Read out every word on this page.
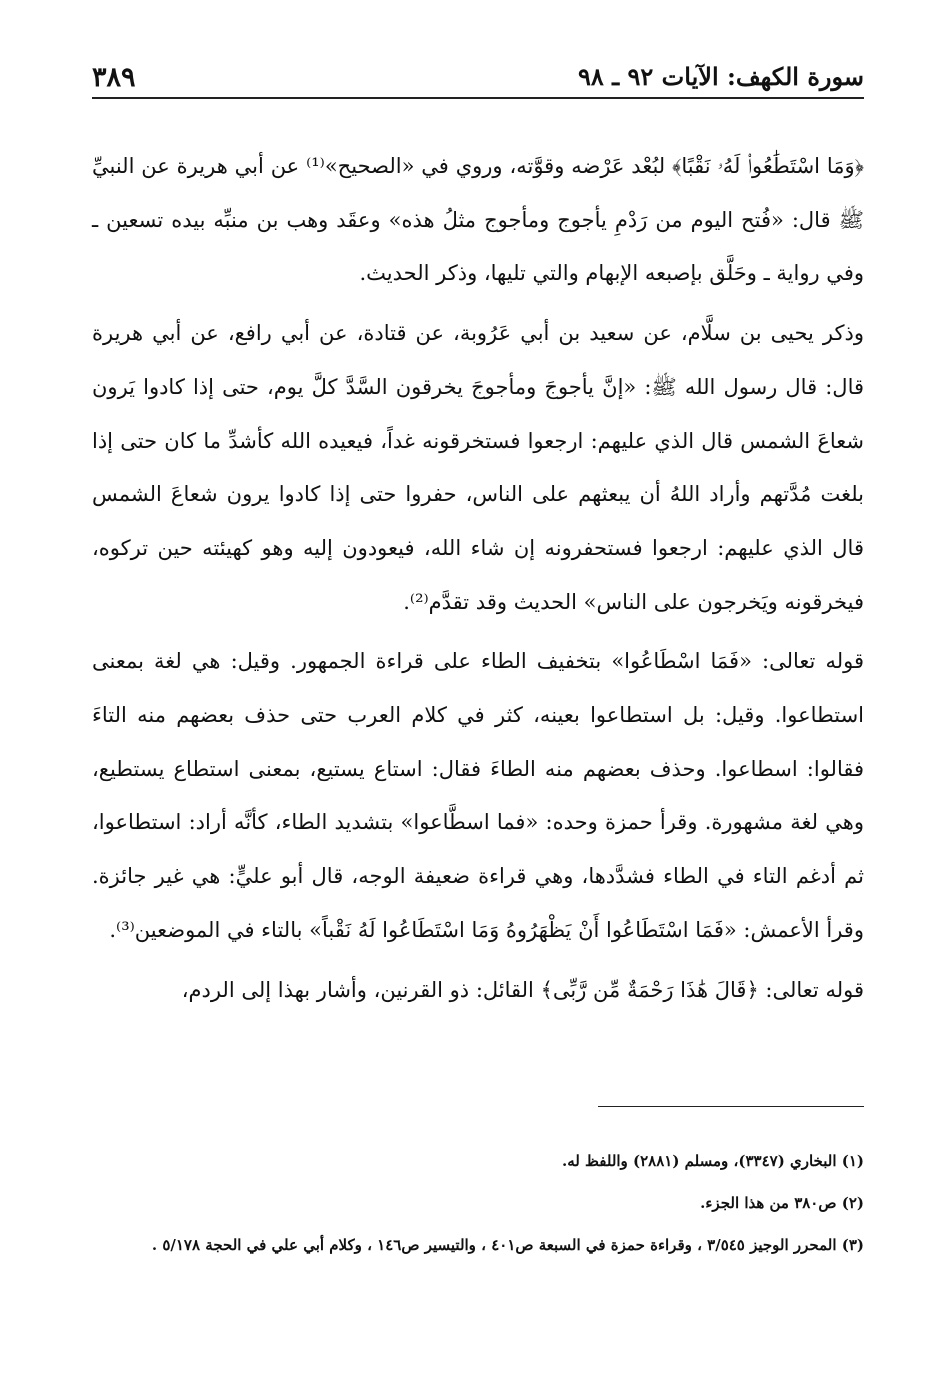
سورة الكهف: الآيات ٩٢ ـ ٩٨
٣٨٩

﴿وَمَا اسْتَطَٰعُوا۟ لَهُۥ نَقْبًا﴾ لبُعْد عَرْضه وقوَّته، وروي في «الصحيح»⁽¹⁾ عن أبي هريرة عن النبيِّ ﷺ قال: «فُتح اليوم من رَدْمِ يأجوج ومأجوج مثلُ هذه» وعقَد وهب بن منبِّه بيده تسعين ـ وفي رواية ـ وحَلَّق بإصبعه الإبهام والتي تليها، وذكر الحديث.

وذكر يحيى بن سلَّام، عن سعيد بن أبي عَرُوبة، عن قتادة، عن أبي رافع، عن أبي هريرة قال: قال رسول الله ﷺ: «إنَّ يأجوجَ ومأجوجَ يخرقون السَّدَّ كلَّ يوم، حتى إذا كادوا يَرون شعاعَ الشمس قال الذي عليهم: ارجعوا فستخرقونه غداً، فيعيده الله كأشدِّ ما كان حتى إذا بلغت مُدَّتهم وأراد اللهُ أن يبعثهم على الناس، حفروا حتى إذا كادوا يرون شعاعَ الشمس قال الذي عليهم: ارجعوا فستحفرونه إن شاء الله، فيعودون إليه وهو كهيئته حين تركوه، فيخرقونه ويَخرجون على الناس» الحديث وقد تقدَّم⁽²⁾.

قوله تعالى: «فَمَا اسْطَاعُوا» بتخفيف الطاء على قراءة الجمهور. وقيل: هي لغة بمعنى استطاعوا. وقيل: بل استطاعوا بعينه، كثر في كلام العرب حتى حذف بعضهم منه التاءَ فقالوا: اسطاعوا. وحذف بعضهم منه الطاءَ فقال: استاع يستيع، بمعنى استطاع يستطيع، وهي لغة مشهورة. وقرأ حمزة وحده: «فما اسطَّاعوا» بتشديد الطاء، كأنَّه أراد: استطاعوا، ثم أدغم التاء في الطاء فشدَّدها، وهي قراءة ضعيفة الوجه، قال أبو عليٍّ: هي غير جائزة. وقرأ الأعمش: «فَمَا اسْتَطَاعُوا أَنْ يَظْهَرُوهُ وَمَا اسْتَطَاعُوا لَهُ نَقْباً» بالتاء في الموضعين⁽³⁾.

قوله تعالى: ﴿قَالَ هَٰذَا رَحْمَةٌ مِّن رَّبِّى﴾ القائل: ذو القرنين، وأشار بهذا إلى الردم،

(١) البخاري (٣٣٤٧)، ومسلم (٢٨٨١) واللفظ له.

(٢) ص٣٨٠ من هذا الجزء.

(٣) المحرر الوجيز ٣/٥٤٥ ، وقراءة حمزة في السبعة ص٤٠١ ، والتيسير ص١٤٦ ، وكلام أبي علي في الحجة ٥/١٧٨ .
